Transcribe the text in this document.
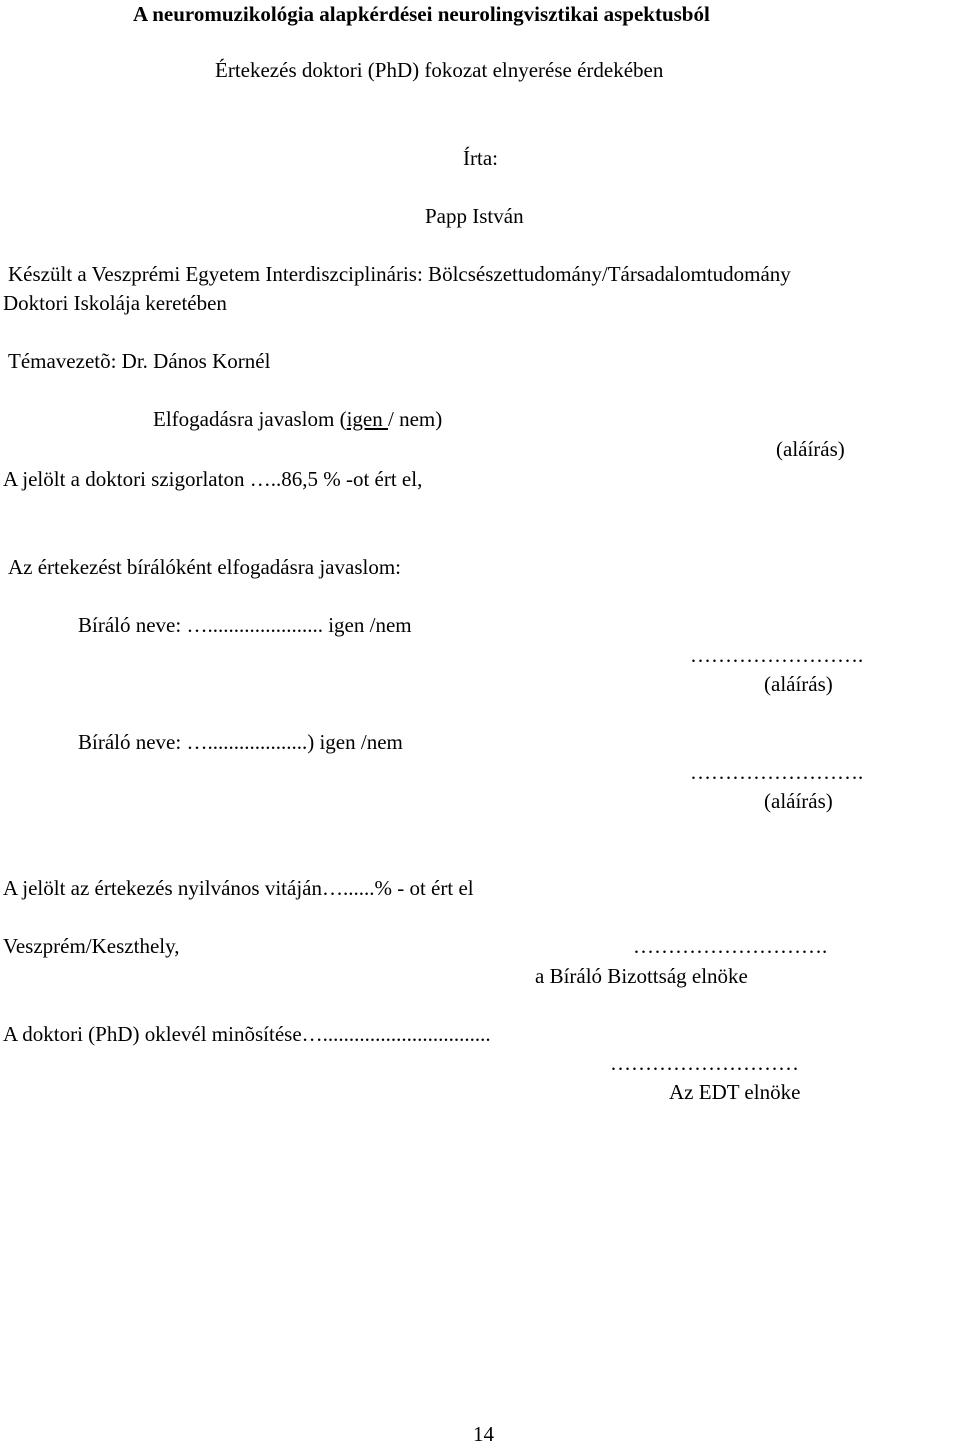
A neuromuzikológia alapkérdései neurolingvisztikai aspektusból
Értekezés doktori (PhD) fokozat elnyerése érdekében
Írta:
Papp István
Készült a Veszprémi Egyetem Interdiszciplináris: Bölcsészettudomány/Társadalomtudomány
Doktori Iskolája keretében
Témavezetõ: Dr. Dános Kornél
Elfogadásra javaslom (igen / nem)
(aláírás)
A jelölt a doktori szigorlaton …..86,5 % -ot ért el,
Az értekezést bírálóként elfogadásra javaslom:
Bíráló neve: …...................... igen /nem
…………………….
(aláírás)
Bíráló neve: …...................) igen /nem
…………………….
(aláírás)
A jelölt az értekezés nyilvános vitáján…......% - ot ért el
Veszprém/Keszthely,	……………………….
a Bíráló Bizottság elnöke
A doktori (PhD) oklevél minõsítése…................................
………………………
Az EDT elnöke
14
